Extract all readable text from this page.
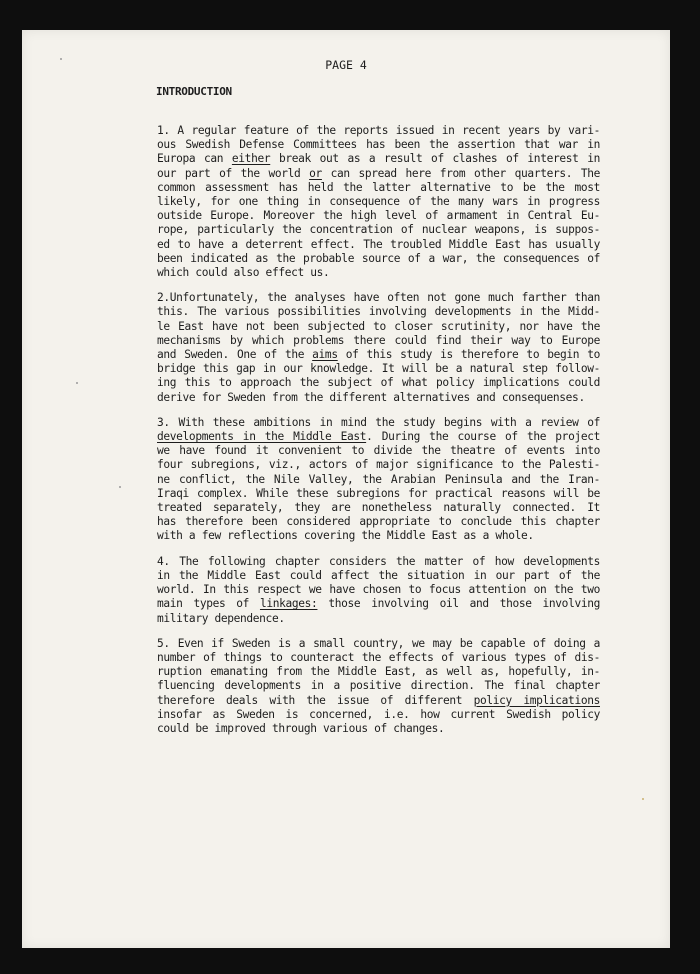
PAGE 4
INTRODUCTION
1. A regular feature of the reports issued in recent years by vari-
ous Swedish Defense Committees has been the assertion that war in
Europa can either break out as a result of clashes of interest in
our part of the world or can spread here from other quarters. The
common assessment has held the latter alternative to be the most
likely, for one thing in consequence of the many wars in progress
outside Europe. Moreover the high level of armament in Central Eu-
rope, particularly the concentration of nuclear weapons, is suppos-
ed to have a deterrent effect. The troubled Middle East has usually
been indicated as the probable source of a war, the consequences of
which could also effect us.
2.Unfortunately, the analyses have often not gone much farther than
this. The various possibilities involving developments in the Midd-
le East have not been subjected to closer scrutinity, nor have the
mechanisms by which problems there could find their way to Europe
and Sweden. One of the aims of this study is therefore to begin to
bridge this gap in our knowledge. It will be a natural step follow-
ing this to approach the subject of what policy implications could
derive for Sweden from the different alternatives and consequenses.
3. With these ambitions in mind the study begins with a review of
developments in the Middle East. During the course of the project
we have found it convenient to divide the theatre of events into
four subregions, viz., actors of major significance to the Palesti-
ne conflict, the Nile Valley, the Arabian Peninsula and the Iran-
Iraqi complex. While these subregions for practical reasons will be
treated separately, they are nonetheless naturally connected. It
has therefore been considered appropriate to conclude this chapter
with a few reflections covering the Middle East as a whole.
4. The following chapter considers the matter of how developments
in the Middle East could affect the situation in our part of the
world. In this respect we have chosen to focus attention on the two
main types of linkages: those involving oil and those involving
military dependence.
5. Even if Sweden is a small country, we may be capable of doing a
number of things to counteract the effects of various types of dis-
ruption emanating from the Middle East, as well as, hopefully, in-
fluencing developments in a positive direction. The final chapter
therefore deals with the issue of different policy implications
insofar as Sweden is concerned, i.e. how current Swedish policy
could be improved through various of changes.
